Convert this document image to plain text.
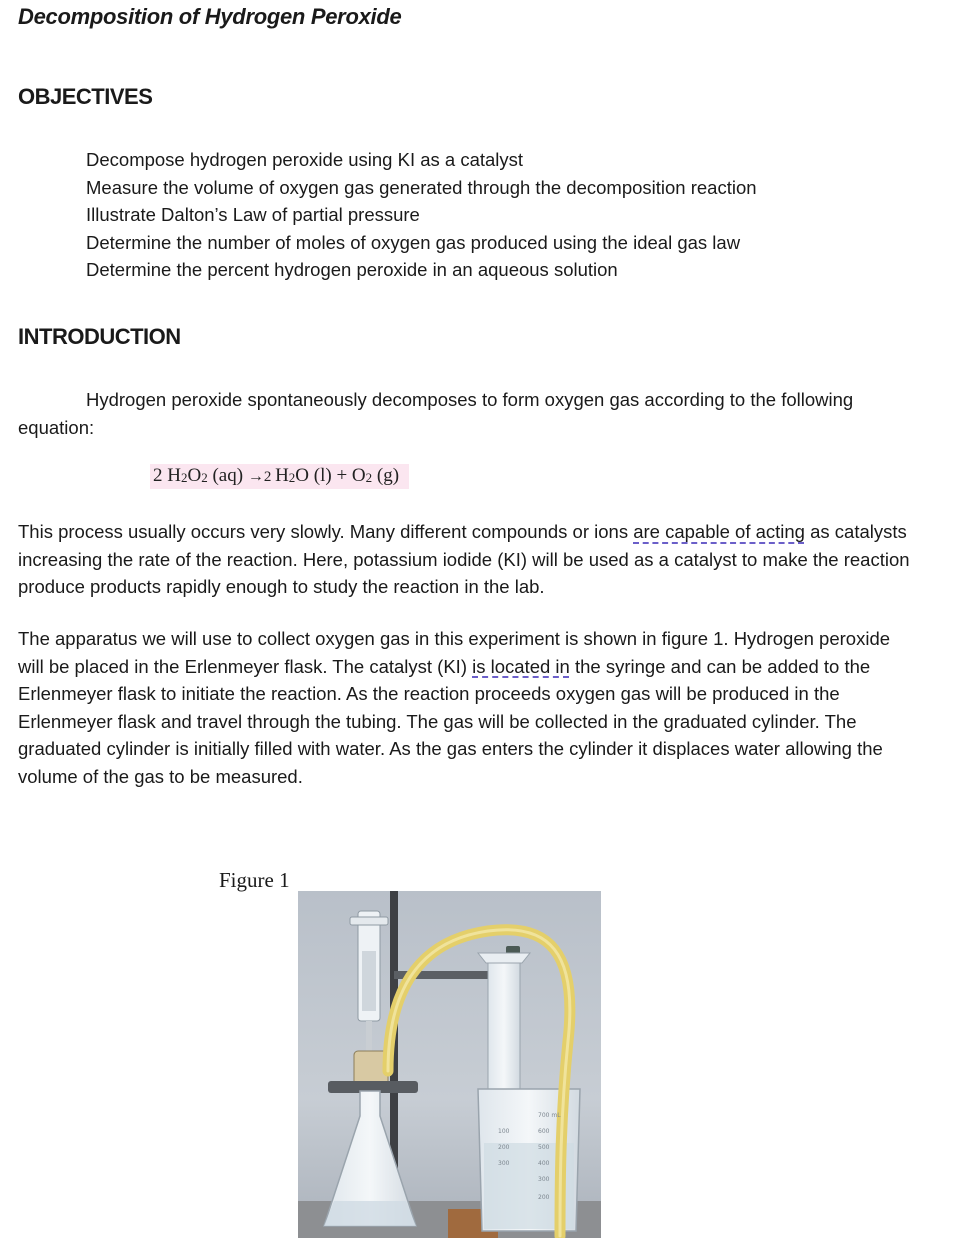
Decomposition of Hydrogen Peroxide
OBJECTIVES
Decompose hydrogen peroxide using KI as a catalyst
Measure the volume of oxygen gas generated through the decomposition reaction
Illustrate Dalton’s Law of partial pressure
Determine the number of moles of oxygen gas produced using the ideal gas law
Determine the percent hydrogen peroxide in an aqueous solution
INTRODUCTION

Hydrogen peroxide spontaneously decomposes to form oxygen gas according to the following equation:

2 $H_2O_2$ (aq) →2 $H_2O$ $(l) + O_2$ (g)

This process usually occurs very slowly. Many different compounds or ions are capable of acting as catalysts increasing the rate of the reaction. Here, potassium iodide (KI) will be used as a catalyst to make the reaction produce products rapidly enough to study the reaction in the lab.

The apparatus we will use to collect oxygen gas in this experiment is shown in figure 1. Hydrogen peroxide will be placed in the Erlenmeyer flask. The catalyst (KI) is located in the syringe and can be added to the Erlenmeyer flask to initiate the reaction. As the reaction proceeds oxygen gas will be produced in the Erlenmeyer flask and travel through the tubing. The gas will be collected in the graduated cylinder. The graduated cylinder is initially filled with water. As the gas enters the cylinder it displaces water allowing the volume of the gas to be measured.

Figure 1
700 mL
600
500
400
300
200
100
200
300
